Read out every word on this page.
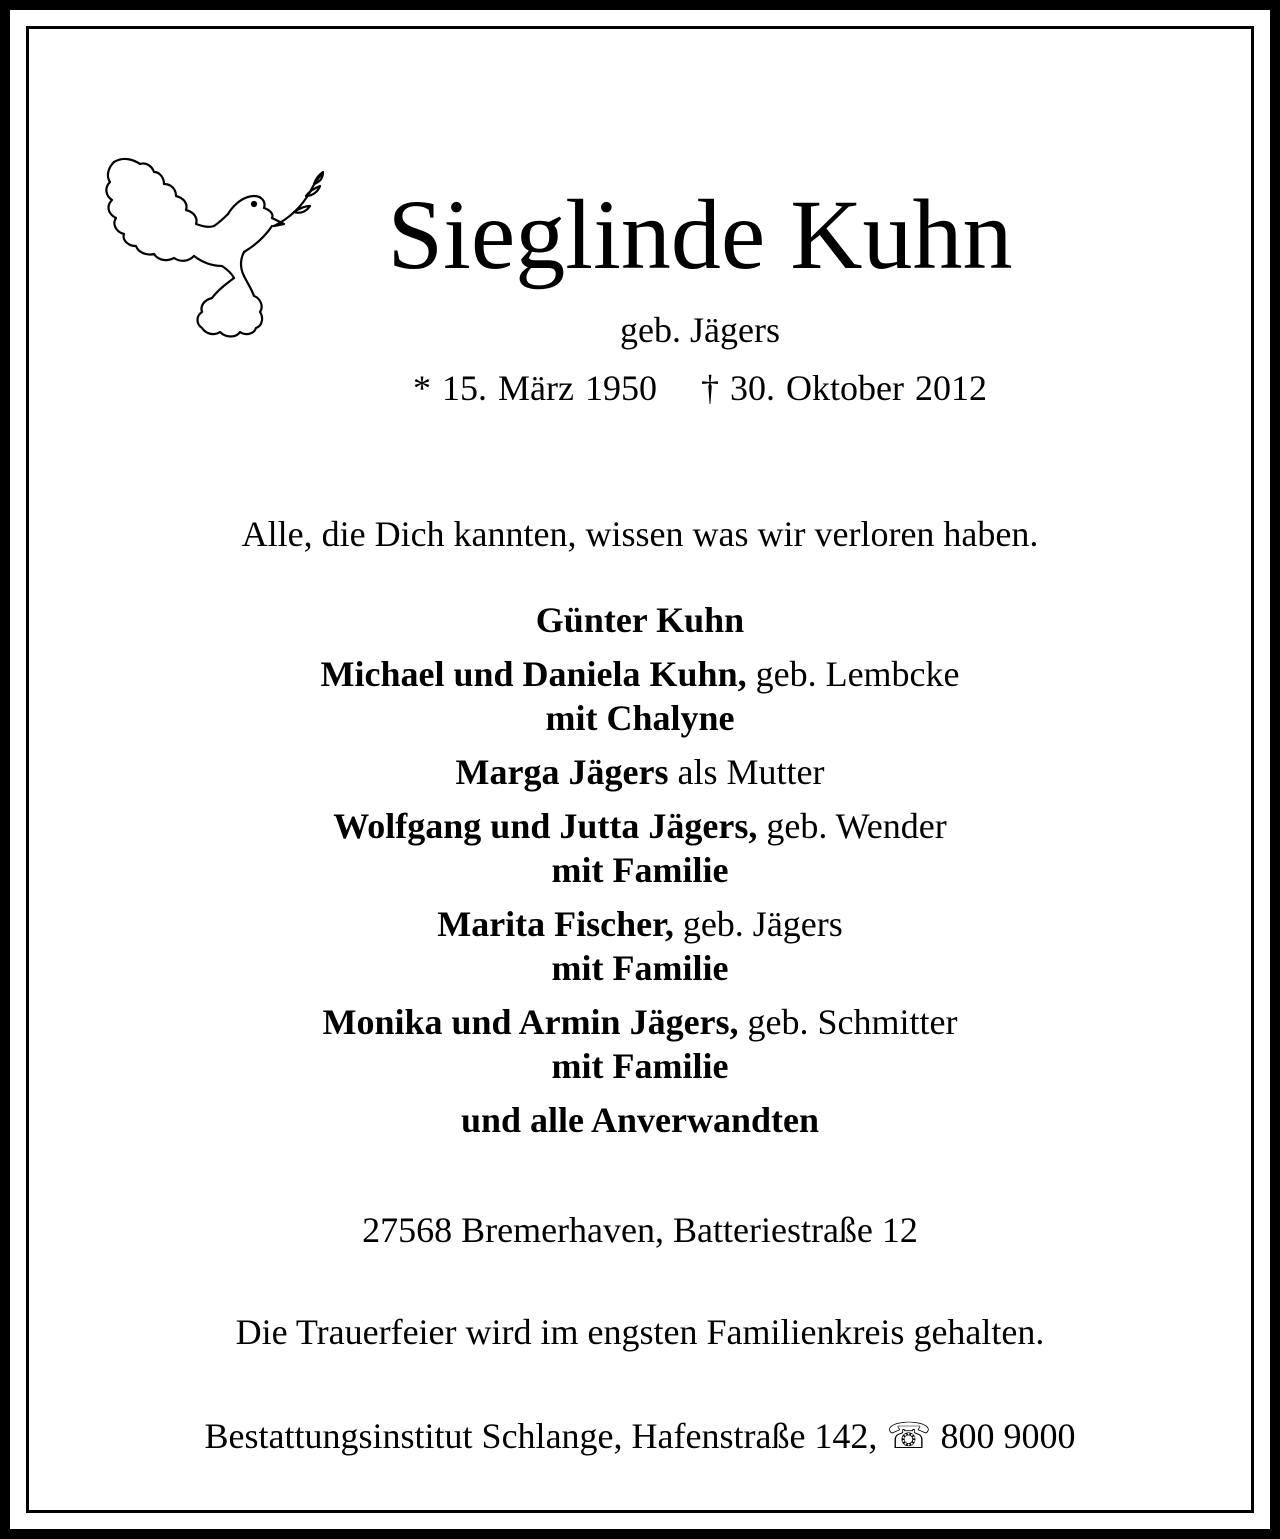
Sieglinde Kuhn
geb. Jägers
* 15. März 1950 † 30. Oktober 2012
Alle, die Dich kannten, wissen was wir verloren haben.
Günter Kuhn
Michael und Daniela Kuhn, geb. Lembcke
mit Chalyne
Marga Jägers als Mutter
Wolfgang und Jutta Jägers, geb. Wender
mit Familie
Marita Fischer, geb. Jägers
mit Familie
Monika und Armin Jägers, geb. Schmitter
mit Familie
und alle Anverwandten
27568 Bremerhaven, Batteriestraße 12
Die Trauerfeier wird im engsten Familienkreis gehalten.
Bestattungsinstitut Schlange, Hafenstraße 142, ☏ 800 9000
